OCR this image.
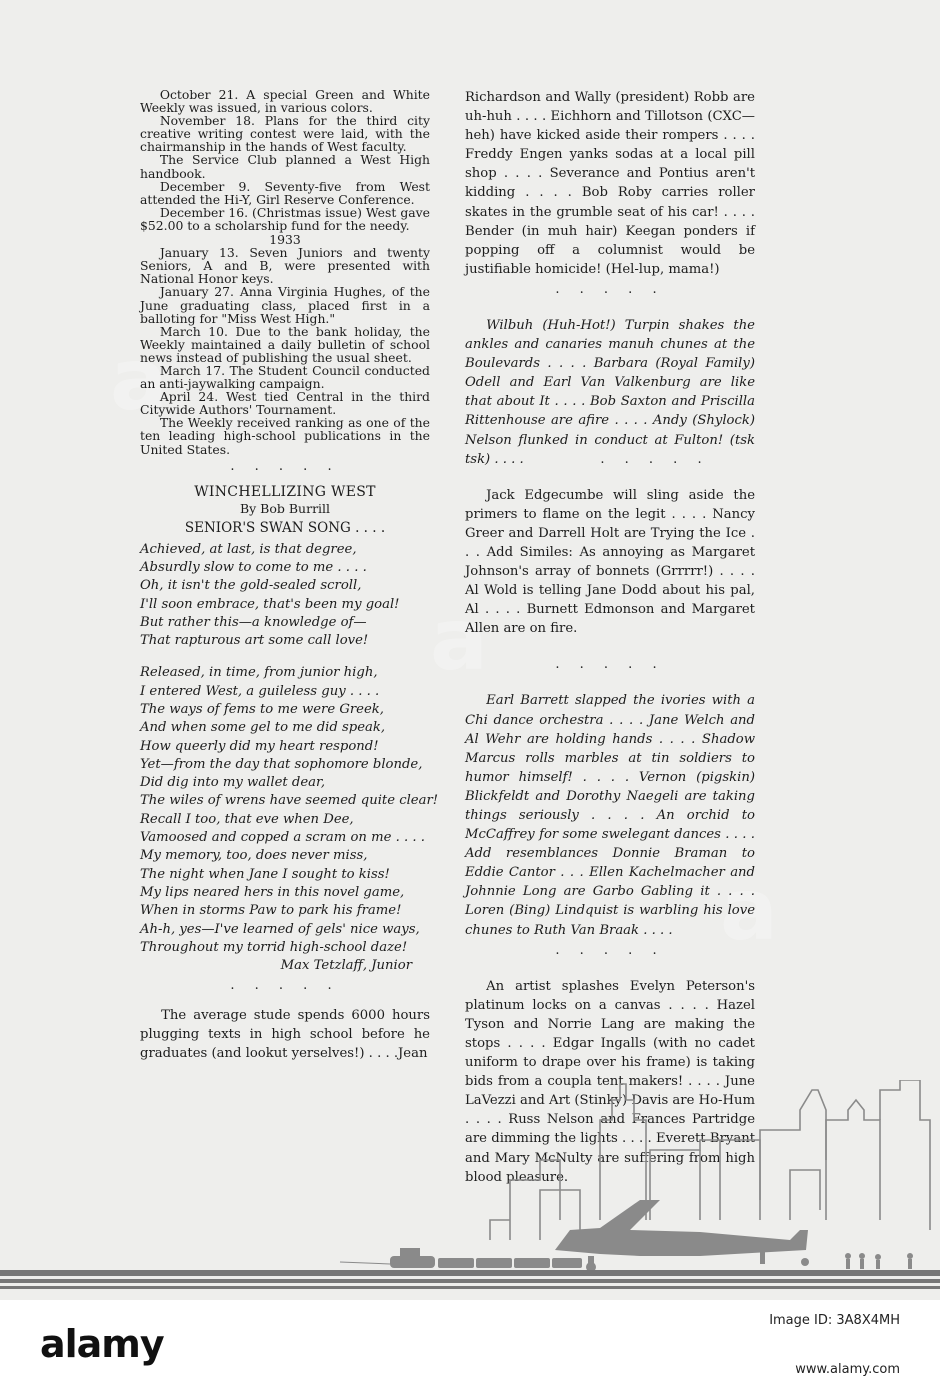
a
a
a

October 21. A special Green and White Weekly was issued, in various colors.

November 18. Plans for the third city creative writing contest were laid, with the chairmanship in the hands of West faculty.

The Service Club planned a West High handbook.

December 9. Seventy-five from West attended the Hi-Y, Girl Reserve Conference.

December 16. (Christmas issue) West gave $52.00 to a scholarship fund for the needy.

1933

January 13. Seven Juniors and twenty Seniors, A and B, were presented with National Honor keys.

January 27. Anna Virginia Hughes, of the June graduating class, placed first in a balloting for "Miss West High."

March 10. Due to the bank holiday, the Weekly maintained a daily bulletin of school news instead of publishing the usual sheet.

March 17. The Student Council conducted an anti-jaywalking campaign.

April 24. West tied Central in the third Citywide Authors' Tournament.

The Weekly received ranking as one of the ten leading high-school publications in the United States.

. . . . .

WINCHELLIZING WEST

By Bob Burrill

SENIOR'S SWAN SONG . . . .

Achieved, at last, is that degree,
Absurdly slow to come to me . . . .
Oh, it isn't the gold-sealed scroll,
I'll soon embrace, that's been my goal!
But rather this—a knowledge of—
That rapturous art some call love!
Released, in time, from junior high,
I entered West, a guileless guy . . . .
The ways of fems to me were Greek,
And when some gel to me did speak,
How queerly did my heart respond!
Yet—from the day that sophomore blonde,
Did dig into my wallet dear,
The wiles of wrens have seemed quite clear!
Recall I too, that eve when Dee,
Vamoosed and copped a scram on me . . . .
My memory, too, does never miss,
The night when Jane I sought to kiss!
My lips neared hers in this novel game,
When in storms Paw to park his frame!
Ah-h, yes—I've learned of gels' nice ways,
Throughout my torrid high-school daze!

Max Tetzlaff, Junior

. . . . .

The average stude spends 6000 hours plugging texts in high school before he graduates (and lookut yerselves!) . . . .Jean

Richardson and Wally (president) Robb are uh-huh . . . . Eichhorn and Tillotson (CXC—heh) have kicked aside their rompers . . . . Freddy Engen yanks sodas at a local pill shop . . . . Severance and Pontius aren't kidding . . . . Bob Roby carries roller skates in the grumble seat of his car! . . . . Bender (in muh hair) Keegan ponders if popping off a columnist would be justifiable homicide! (Hel-lup, mama!)

. . . . .

Wilbuh (Huh-Hot!) Turpin shakes the ankles and canaries manuh chunes at the Boulevards . . . . Barbara (Royal Family) Odell and Earl Van Valkenburg are like that about It . . . . Bob Saxton and Priscilla Rittenhouse are afire . . . . Andy (Shylock) Nelson flunked in conduct at Fulton! (tsk tsk) . . . .	. . . . .

Jack Edgecumbe will sling aside the primers to flame on the legit . . . . Nancy Greer and Darrell Holt are Trying the Ice . . . Add Similes: As annoying as Margaret Johnson's array of bonnets (Grrrrr!) . . . . Al Wold is telling Jane Dodd about his pal, Al . . . . Burnett Edmonson and Margaret Allen are on fire.

. . . . .

Earl Barrett slapped the ivories with a Chi dance orchestra . . . . Jane Welch and Al Wehr are holding hands . . . . Shadow Marcus rolls marbles at tin soldiers to humor himself! . . . . Vernon (pigskin) Blickfeldt and Dorothy Naegeli are taking things seriously . . . . An orchid to McCaffrey for some swelegant dances . . . . Add resemblances Donnie Braman to Eddie Cantor . . . Ellen Kachelmacher and Johnnie Long are Garbo Gabling it . . . . Loren (Bing) Lindquist is warbling his love chunes to Ruth Van Braak . . . .

. . . . .

An artist splashes Evelyn Peterson's platinum locks on a canvas . . . . Hazel Tyson and Norrie Lang are making the stops . . . . Edgar Ingalls (with no cadet uniform to drape over his frame) is taking bids from a coupla tent makers! . . . . June LaVezzi and Art (Stinky) Davis are Ho-Hum . . . . Russ Nelson and Frances Partridge are dimming the lights . . . . Everett Bryant and Mary McNulty are suffering from high blood pleasure.

alamy
Image ID: 3A8X4MH
www.alamy.com
